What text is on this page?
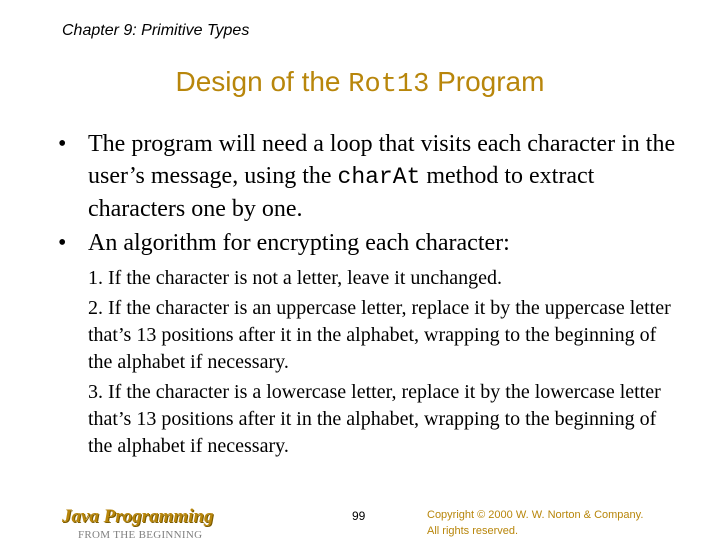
Chapter 9: Primitive Types
Design of the Rot13 Program
• The program will need a loop that visits each character in the user’s message, using the charAt method to extract characters one by one.
• An algorithm for encrypting each character:
1. If the character is not a letter, leave it unchanged.
2. If the character is an uppercase letter, replace it by the uppercase letter that’s 13 positions after it in the alphabet, wrapping to the beginning of the alphabet if necessary.
3. If the character is a lowercase letter, replace it by the lowercase letter that’s 13 positions after it in the alphabet, wrapping to the beginning of the alphabet if necessary.
Java Programming
FROM THE BEGINNING
99	Copyright © 2000 W. W. Norton & Company.
All rights reserved.
